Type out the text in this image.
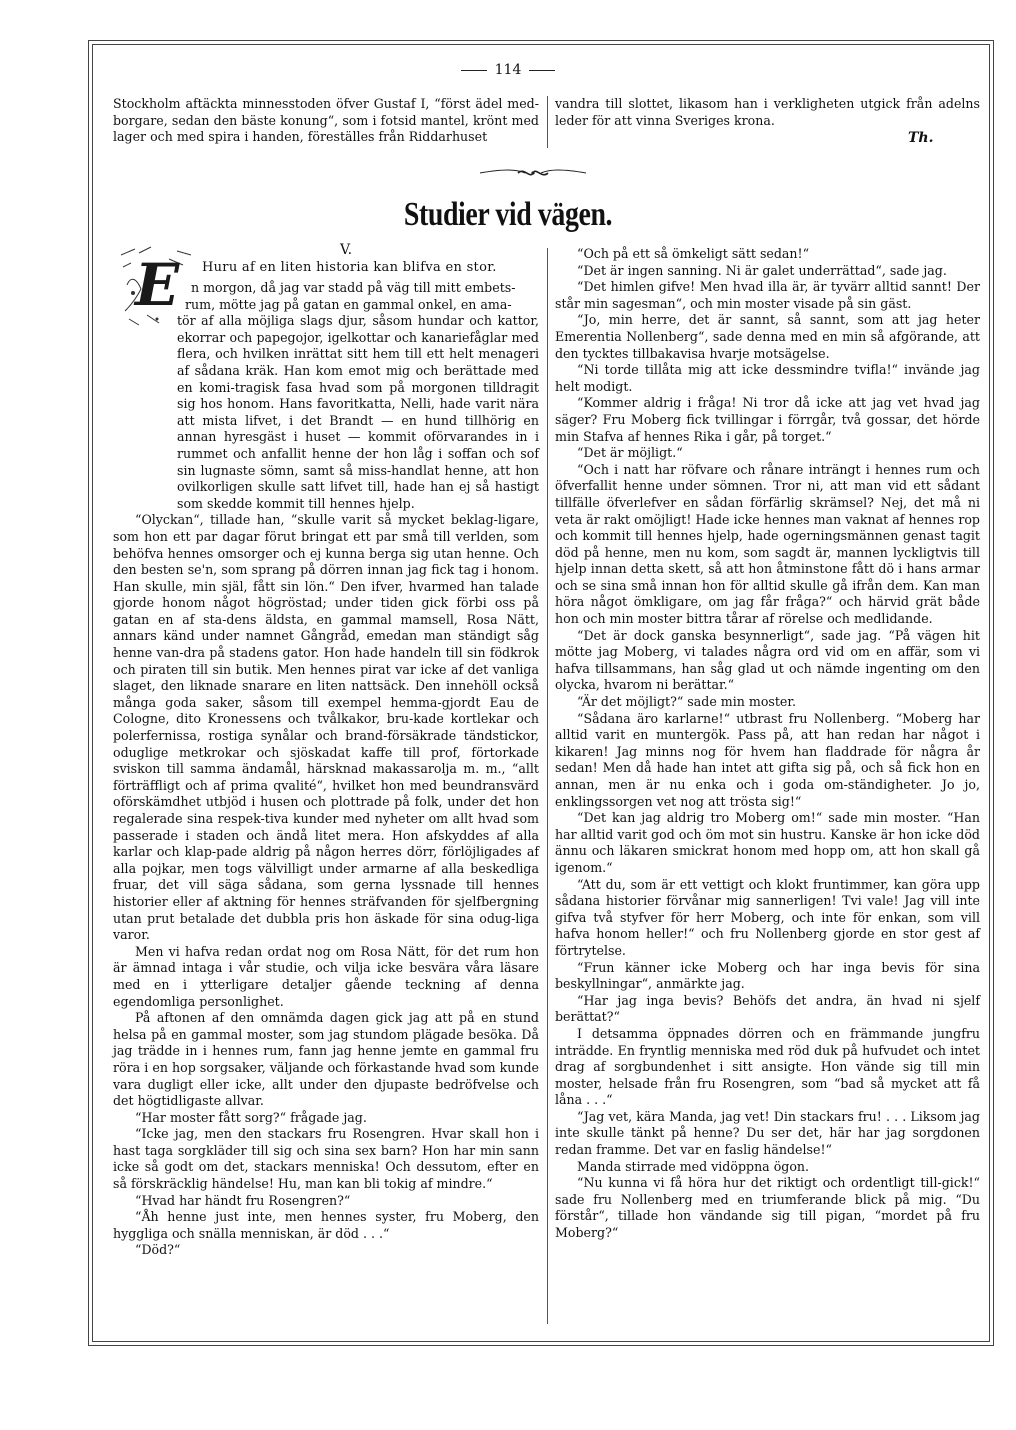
114

Stockholm aftäckta minnesstoden öfver Gustaf I, “först ädel med-borgare, sedan den bäste konung“, som i fotsid mantel, krönt med lager och med spira i handen, föreställes från Riddarhuset

vandra till slottet, likasom han i verkligheten utgick från adelns leder för att vinna Sveriges krona.

Th.
Studier vid vägen.
V.
Huru af en liten historia kan blifva en stor.
E n morgon, då jag var stadd på väg till mitt embets-

rum, mötte jag på gatan en gammal onkel, en ama-

tör af alla möjliga slags djur, såsom hundar och kattor, ekorrar och papegojor, igelkottar och kanariefåglar med flera, och hvilken inrättat sitt hem till ett helt menageri af sådana kräk. Han kom emot mig och berättade med en komi-tragisk fasa hvad som på morgonen tilldragit sig hos honom. Hans favoritkatta, Nelli, hade varit nära att mista lifvet, i det Brandt — en hund tillhörig en annan hyresgäst i huset — kommit oförvarandes in i rummet och anfallit henne der hon låg i soffan och sof sin lugnaste sömn, samt så miss-handlat henne, att hon ovilkorligen skulle satt lifvet till, hade han ej så hastigt som skedde kommit till hennes hjelp.

“Olyckan“, tillade han, “skulle varit så mycket beklag-ligare, som hon ett par dagar förut bringat ett par små till verlden, som behöfva hennes omsorger och ej kunna berga sig utan henne. Och den besten se'n, som sprang på dörren innan jag fick tag i honom. Han skulle, min själ, fått sin lön.“ Den ifver, hvarmed han talade gjorde honom något högröstad; under tiden gick förbi oss på gatan en af sta-dens äldsta, en gammal mamsell, Rosa Nätt, annars känd under namnet Gångråd, emedan man ständigt såg henne van-dra på stadens gator. Hon hade handeln till sin födkrok och piraten till sin butik. Men hennes pirat var icke af det vanliga slaget, den liknade snarare en liten nattsäck. Den innehöll också många goda saker, såsom till exempel hemma-gjordt Eau de Cologne, dito Kronessens och tvålkakor, bru-kade kortlekar och polerfernissa, rostiga synålar och brand-försäkrade tändstickor, oduglige metkrokar och sjöskadat kaffe till prof, förtorkade sviskon till samma ändamål, härsknad makassarolja m. m., “allt förträffligt och af prima qvalité“, hvilket hon med beundransvärd oförskämdhet utbjöd i husen och plottrade på folk, under det hon regalerade sina respek-tiva kunder med nyheter om allt hvad som passerade i staden och ändå litet mera. Hon afskyddes af alla karlar och klap-pade aldrig på någon herres dörr, förlöjligades af alla pojkar, men togs välvilligt under armarne af alla beskedliga fruar, det vill säga sådana, som gerna lyssnade till hennes historier eller af aktning för hennes sträfvanden för sjelfbergning utan prut betalade det dubbla pris hon äskade för sina odug-liga varor.

Men vi hafva redan ordat nog om Rosa Nätt, för det rum hon är ämnad intaga i vår studie, och vilja icke besvära våra läsare med en i ytterligare detaljer gående teckning af denna egendomliga personlighet.

På aftonen af den omnämda dagen gick jag att på en stund helsa på en gammal moster, som jag stundom plägade besöka. Då jag trädde in i hennes rum, fann jag henne jemte en gammal fru röra i en hop sorgsaker, väljande och förkastande hvad som kunde vara dugligt eller icke, allt under den djupaste bedröfvelse och det högtidligaste allvar.

“Har moster fått sorg?“ frågade jag.

“Icke jag, men den stackars fru Rosengren. Hvar skall hon i hast taga sorgkläder till sig och sina sex barn? Hon har min sann icke så godt om det, stackars menniska! Och dessutom, efter en så förskräcklig händelse! Hu, man kan bli tokig af mindre.“

“Hvad har händt fru Rosengren?“

“Åh henne just inte, men hennes syster, fru Moberg, den hyggliga och snälla menniskan, är död . . .“

“Död?“

“Och på ett så ömkeligt sätt sedan!“

“Det är ingen sanning. Ni är galet underrättad“, sade jag.

“Det himlen gifve! Men hvad illa är, är tyvärr alltid sannt! Der står min sagesman“, och min moster visade på sin gäst.

“Jo, min herre, det är sannt, så sannt, som att jag heter Emerentia Nollenberg“, sade denna med en min så afgörande, att den tycktes tillbakavisa hvarje motsägelse.

“Ni torde tillåta mig att icke dessmindre tvifla!“ invände jag helt modigt.

“Kommer aldrig i fråga! Ni tror då icke att jag vet hvad jag säger? Fru Moberg fick tvillingar i förrgår, två gossar, det hörde min Stafva af hennes Rika i går, på torget.“

“Det är möjligt.“

“Och i natt har röfvare och rånare inträngt i hennes rum och öfverfallit henne under sömnen. Tror ni, att man vid ett sådant tillfälle öfverlefver en sådan förfärlig skrämsel? Nej, det må ni veta är rakt omöjligt! Hade icke hennes man vaknat af hennes rop och kommit till hennes hjelp, hade ogerningsmännen genast tagit död på henne, men nu kom, som sagdt är, mannen lyckligtvis till hjelp innan detta skett, så att hon åtminstone fått dö i hans armar och se sina små innan hon för alltid skulle gå ifrån dem. Kan man höra något ömkligare, om jag får fråga?“ och härvid grät både hon och min moster bittra tårar af rörelse och medlidande.

“Det är dock ganska besynnerligt“, sade jag. “På vägen hit mötte jag Moberg, vi talades några ord vid om en affär, som vi hafva tillsammans, han såg glad ut och nämde ingenting om den olycka, hvarom ni berättar.“

“Är det möjligt?“ sade min moster.

“Sådana äro karlarne!“ utbrast fru Nollenberg. “Moberg har alltid varit en muntergök. Pass på, att han redan har något i kikaren! Jag minns nog för hvem han fladdrade för några år sedan! Men då hade han intet att gifta sig på, och så fick hon en annan, men är nu enka och i goda om-ständigheter. Jo jo, enklingssorgen vet nog att trösta sig!“

“Det kan jag aldrig tro Moberg om!“ sade min moster. “Han har alltid varit god och öm mot sin hustru. Kanske är hon icke död ännu och läkaren smickrat honom med hopp om, att hon skall gå igenom.“

“Att du, som är ett vettigt och klokt fruntimmer, kan göra upp sådana historier förvånar mig sannerligen! Tvi vale! Jag vill inte gifva två styfver för herr Moberg, och inte för enkan, som vill hafva honom heller!“ och fru Nollenberg gjorde en stor gest af förtrytelse.

“Frun känner icke Moberg och har inga bevis för sina beskyllningar“, anmärkte jag.

“Har jag inga bevis? Behöfs det andra, än hvad ni sjelf berättat?“

I detsamma öppnades dörren och en främmande jungfru inträdde. En fryntlig menniska med röd duk på hufvudet och intet drag af sorgbundenhet i sitt ansigte. Hon vände sig till min moster, helsade från fru Rosengren, som “bad så mycket att få låna . . .“

“Jag vet, kära Manda, jag vet! Din stackars fru! . . . Liksom jag inte skulle tänkt på henne? Du ser det, här har jag sorgdonen redan framme. Det var en faslig händelse!“

Manda stirrade med vidöppna ögon.

“Nu kunna vi få höra hur det riktigt och ordentligt till-gick!“ sade fru Nollenberg med en triumferande blick på mig. “Du förstår“, tillade hon vändande sig till pigan, “mordet på fru Moberg?“
